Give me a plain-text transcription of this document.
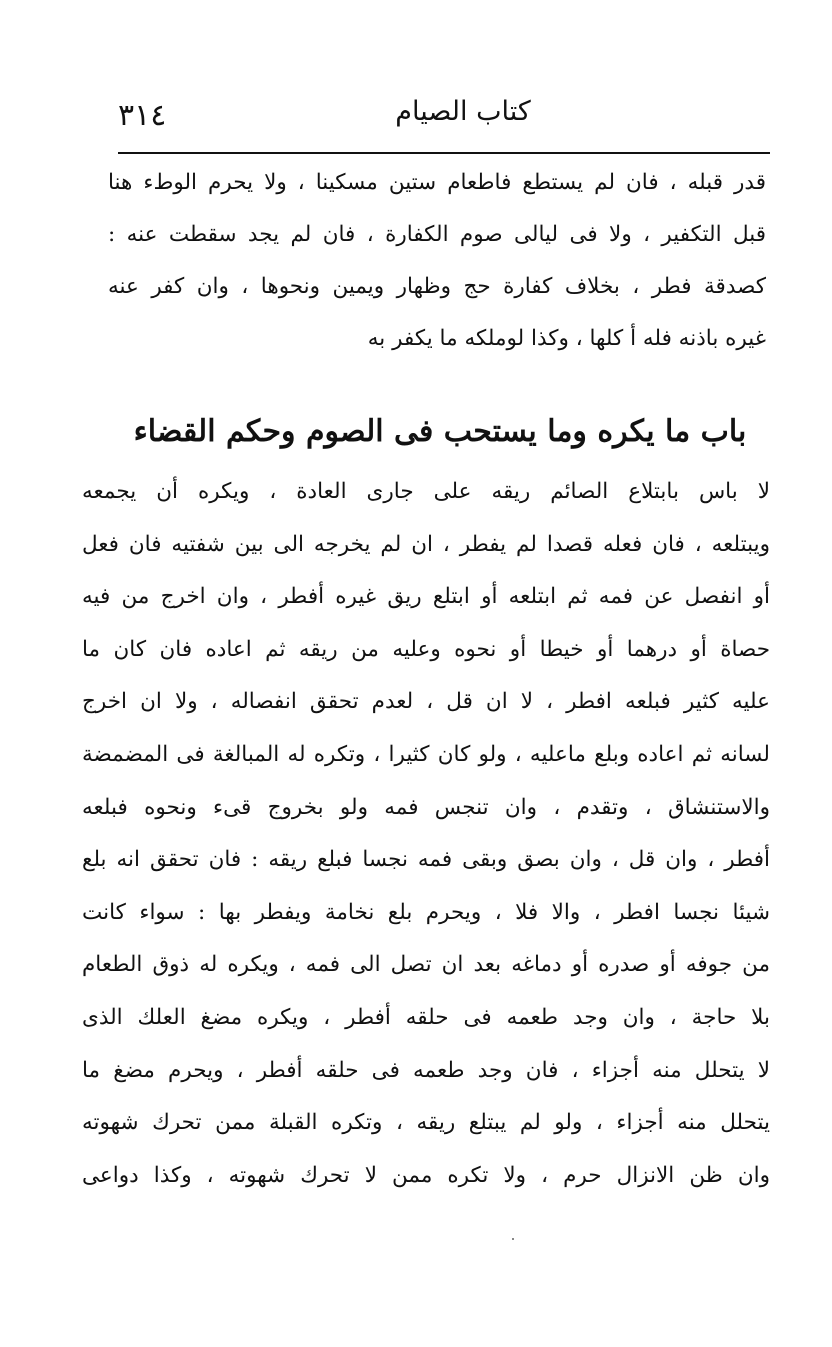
٣١٤	كتاب الصيام
قدر قبله ، فان لم يستطع فاطعام ستين مسكينا ، ولا يحرم الوطء هنا
قبل التكفير ، ولا فى ليالى صوم الكفارة ، فان لم يجد سقطت عنه :
كصدقة فطر ، بخلاف كفارة حج وظهار ويمين ونحوها ، وان كفر عنه
غيره باذنه فله أ كلها ، وكذا لوملكه ما يكفر به
باب ما يكره وما يستحب فى الصوم وحكم القضاء
لا باس بابتلاع الصائم ريقه على جارى العادة ، ويكره أن يجمعه
ويبتلعه ، فان فعله قصدا لم يفطر ، ان لم يخرجه الى بين شفتيه فان فعل
أو انفصل عن فمه ثم ابتلعه أو ابتلع ريق غيره أفطر ، وان اخرج من فيه
حصاة أو درهما أو خيطا أو نحوه وعليه من ريقه ثم اعاده فان كان ما
عليه كثير فبلعه افطر ، لا ان قل ، لعدم تحقق انفصاله ، ولا ان اخرج
لسانه ثم اعاده وبلع ماعليه ، ولو كان كثيرا ، وتكره له المبالغة فى المضمضة
والاستنشاق ، وتقدم ، وان تنجس فمه ولو بخروج قىء ونحوه فبلعه
أفطر ، وان قل ، وان بصق وبقى فمه نجسا فبلع ريقه : فان تحقق انه بلع
شيئا نجسا افطر ، والا فلا ، ويحرم بلع نخامة ويفطر بها : سواء كانت
من جوفه أو صدره أو دماغه بعد ان تصل الى فمه ، ويكره له ذوق الطعام
بلا حاجة ، وان وجد طعمه فى حلقه أفطر ، ويكره مضغ العلك الذى
لا يتحلل منه أجزاء ، فان وجد طعمه فى حلقه أفطر ، ويحرم مضغ ما
يتحلل منه أجزاء ، ولو لم يبتلع ريقه ، وتكره القبلة ممن تحرك شهوته
وان ظن الانزال حرم ، ولا تكره ممن لا تحرك شهوته ، وكذا دواعى
